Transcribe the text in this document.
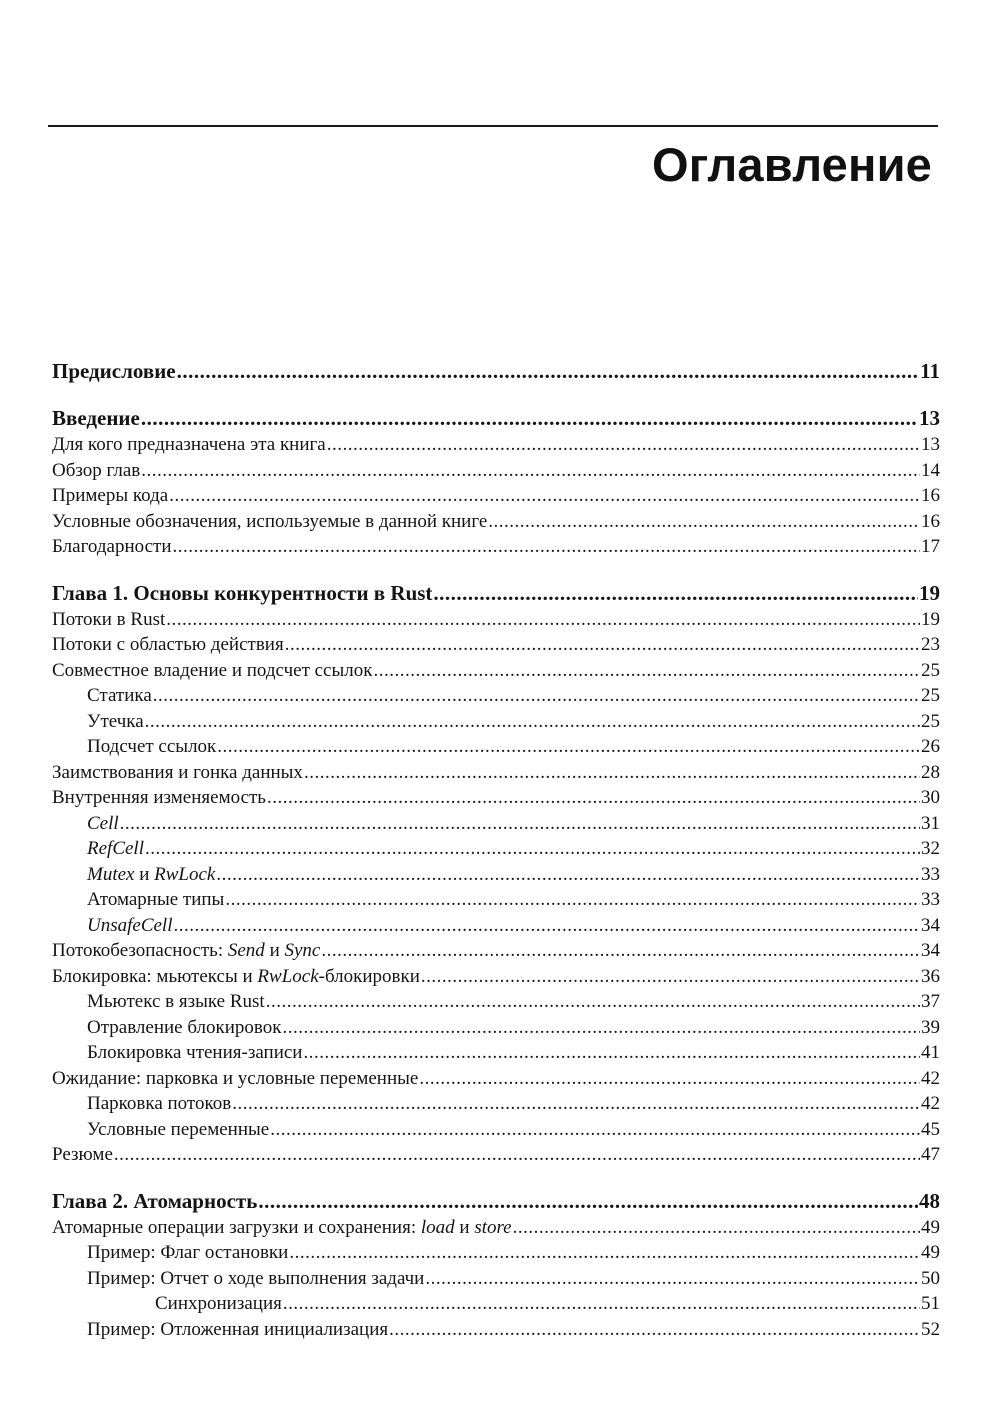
Оглавление
Предисловие .....	11
Введение .....	13
Для кого предназначена эта книга .....	13
Обзор глав .....	14
Примеры кода .....	16
Условные обозначения, используемые в данной книге .....	16
Благодарности .....	17
Глава 1. Основы конкурентности в Rust .....	19
Потоки в Rust .....	19
Потоки с областью действия .....	23
Совместное владение и подсчет ссылок .....	25
Статика .....	25
Утечка .....	25
Подсчет ссылок .....	26
Заимствования и гонка данных .....	28
Внутренняя изменяемость .....	30
Cell .....	31
RefCell .....	32
Mutex и RwLock .....	33
Атомарные типы .....	33
UnsafeCell .....	34
Потокобезопасность: Send и Sync .....	34
Блокировка: мьютексы и RwLock-блокировки .....	36
Мьютекс в языке Rust .....	37
Отравление блокировок .....	39
Блокировка чтения-записи .....	41
Ожидание: парковка и условные переменные .....	42
Парковка потоков .....	42
Условные переменные .....	45
Резюме .....	47
Глава 2. Атомарность .....	48
Атомарные операции загрузки и сохранения: load и store .....	49
Пример: Флаг остановки .....	49
Пример: Отчет о ходе выполнения задачи .....	50
Синхронизация .....	51
Пример: Отложенная инициализация .....	52
